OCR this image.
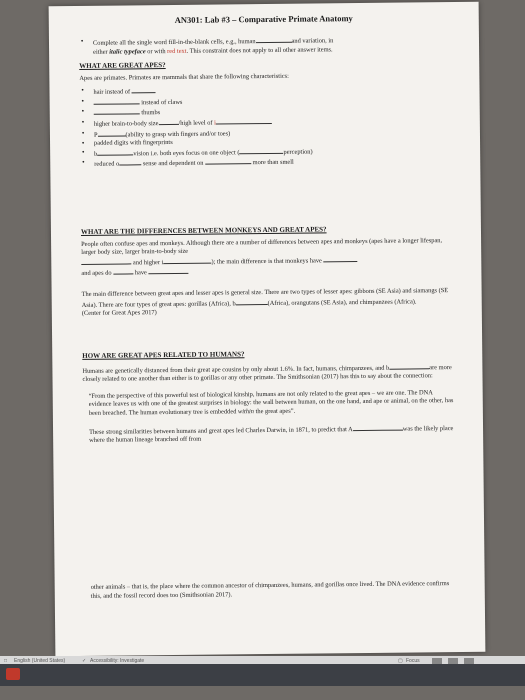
AN301: Lab #3 – Comparative Primate Anatomy
• Complete all the single word fill-in-the-blank cells, e.g., human	and variation, in
either italic typeface or with red text. This constraint does not apply to all other answer items.
WHAT ARE GREAT APES?
Apes are primates. Primates are mammals that share the following characteristics:
• hair instead of
• instead of claws
• thumbs
• higher brain-to-body size	/high level of i
• P	(ability to grasp with fingers and/or toes)
• padded digits with fingerprints
• b	vision i.e. both eyes focus on one object (	perception)
• reduced o	sense and dependent on	more than smell
WHAT ARE THE DIFFERENCES BETWEEN MONKEYS AND GREAT APES?
People often confuse apes and monkeys. Although there are a number of differences between apes and monkeys (apes have a longer lifespan, larger body size, larger brain-to-body size
and higher i	); the main difference is that monkeys have
and apes do	have
The main difference between great apes and lesser apes is general size. There are two types of lesser apes: gibbons (SE Asia) and siamangs (SE Asia). There are four types of great apes: gorillas (Africa), b	(Africa), orangutans (SE Asia), and chimpanzees (Africa).
(Center for Great Apes 2017)
HOW ARE GREAT APES RELATED TO HUMANS?
Humans are genetically distanced from their great ape cousins by only about 1.6%. In fact, humans, chimpanzees, and b	are more closely related to one another than either is to gorillas or any other primate. The Smithsonian (2017) has this to say about the connection:
“From the perspective of this powerful test of biological kinship, humans are not only related to the great apes – we are one. The DNA evidence leaves us with one of the greatest surprises in biology: the wall between human, on the one hand, and ape or animal, on the other, has been breached. The human evolutionary tree is embedded within the great apes”.
These strong similarities between humans and great apes led Charles Darwin, in 1871, to predict that A	was the likely place where the human lineage branched off from
other animals – that is, the place where the common ancestor of chimpanzees, humans, and gorillas once lived. The DNA evidence confirms this, and the fossil record does too (Smithsonian 2017).
□ English (United States)	✓ Accessibility: Investigate	▢ Focus
